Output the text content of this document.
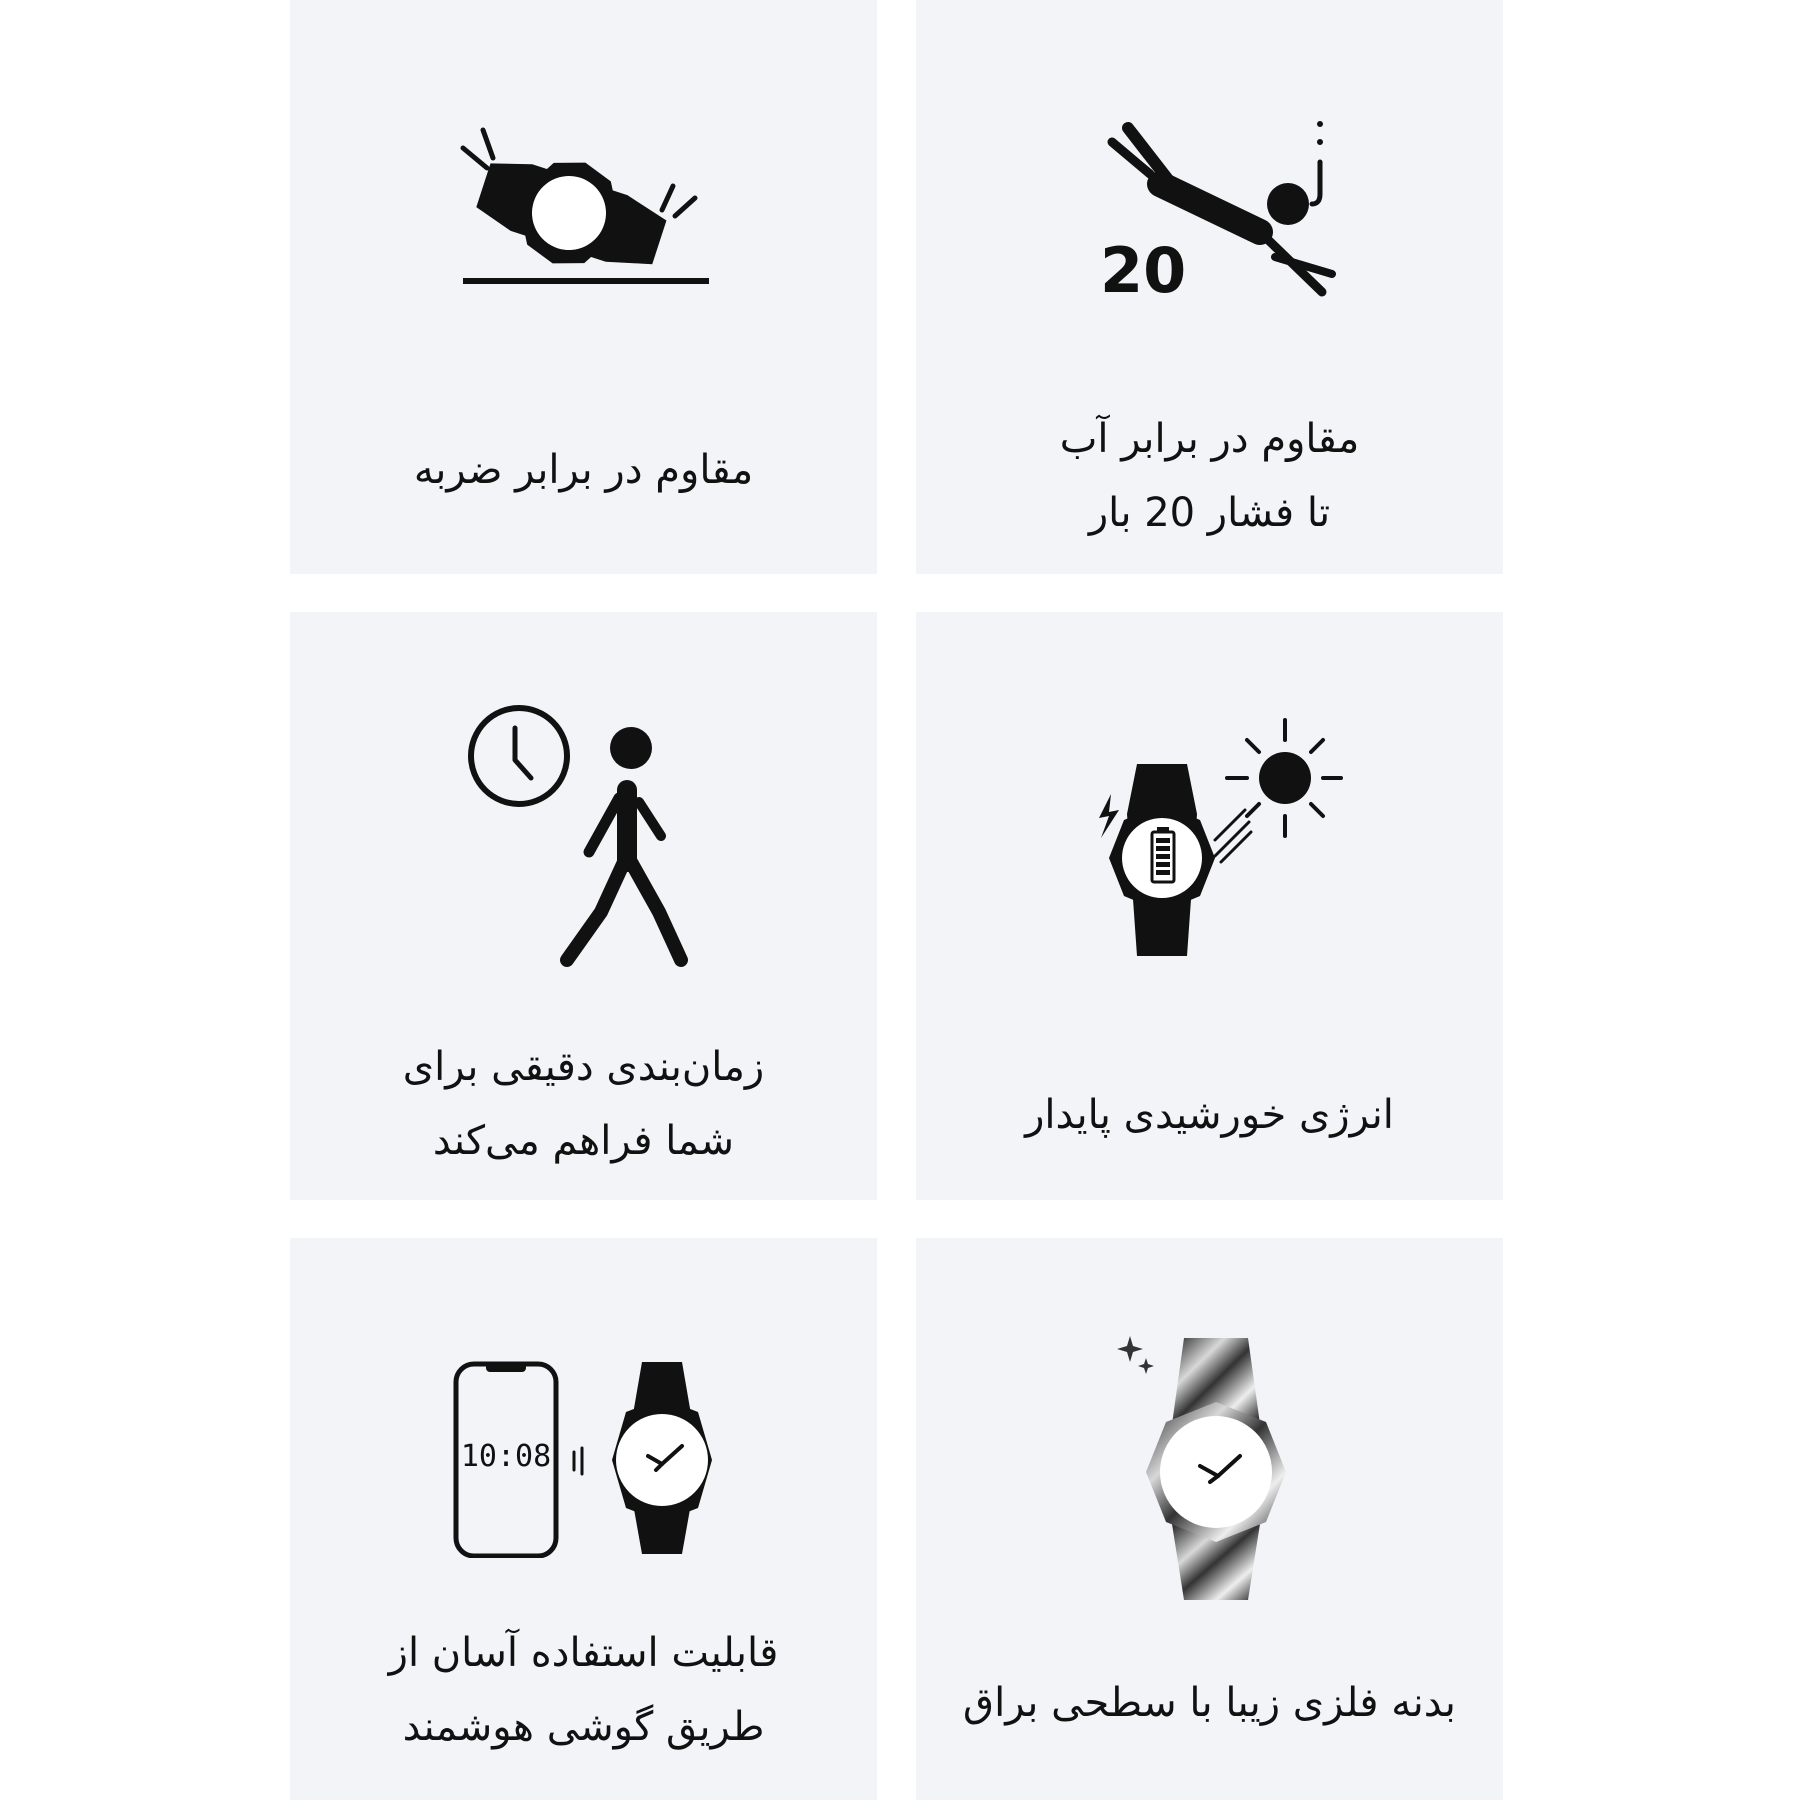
مقاوم در برابر ضربه
20
مقاوم در برابر آب
تا فشار 20 بار
زمان‌بندی دقیقی برای
شما فراهم می‌کند
انرژی خورشیدی پایدار
10:08
قابلیت استفاده آسان از
طریق گوشی هوشمند
بدنه فلزی زیبا با سطحی براق
